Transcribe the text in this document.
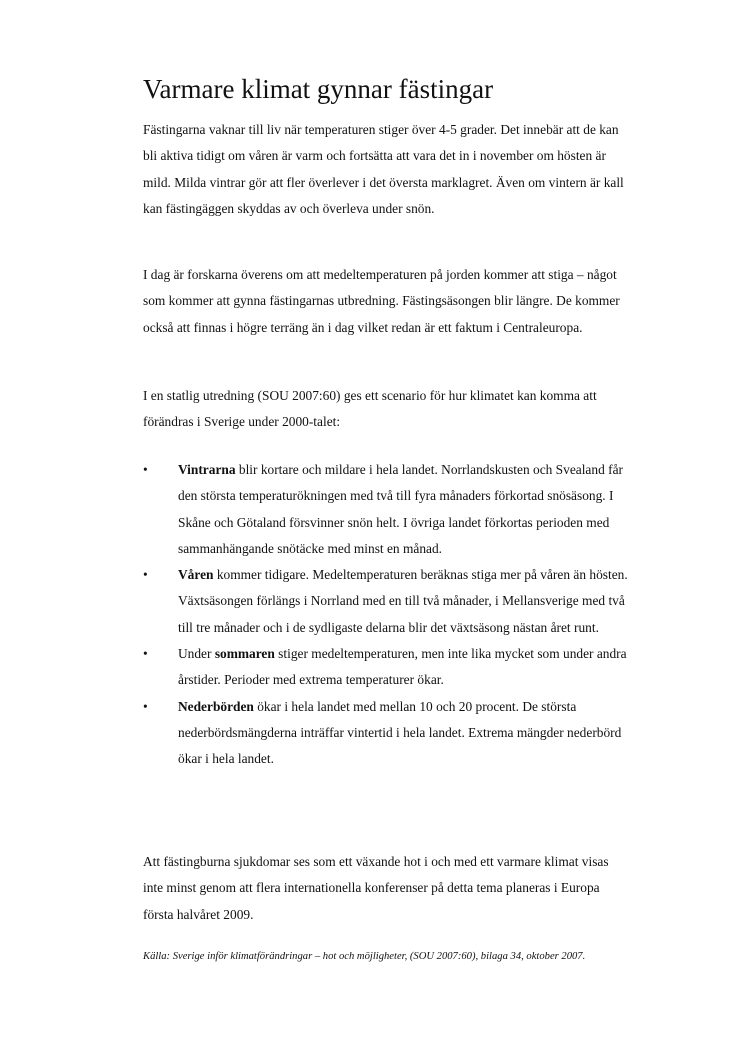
Varmare klimat gynnar fästingar

Fästingarna vaknar till liv när temperaturen stiger över 4-5 grader. Det innebär att de kan bli aktiva tidigt om våren är varm och fortsätta att vara det in i november om hösten är mild. Milda vintrar gör att fler överlever i det översta marklagret. Även om vintern är kall kan fästingäggen skyddas av och överleva under snön.

I dag är forskarna överens om att medeltemperaturen på jorden kommer att stiga – något som kommer att gynna fästingarnas utbredning. Fästingsäsongen blir längre. De kommer också att finnas i högre terräng än i dag vilket redan är ett faktum i Centraleuropa.

I en statlig utredning (SOU 2007:60) ges ett scenario för hur klimatet kan komma att förändras i Sverige under 2000-talet:

• Vintrarna blir kortare och mildare i hela landet. Norrlandskusten och Svealand får den största temperaturökningen med två till fyra månaders förkortad snösäsong. I Skåne och Götaland försvinner snön helt. I övriga landet förkortas perioden med sammanhängande snötäcke med minst en månad.
• Våren kommer tidigare. Medeltemperaturen beräknas stiga mer på våren än hösten. Växtsäsongen förlängs i Norrland med en till två månader, i Mellansverige med två till tre månader och i de sydligaste delarna blir det växtsäsong nästan året runt.
• Under sommaren stiger medeltemperaturen, men inte lika mycket som under andra årstider. Perioder med extrema temperaturer ökar.
• Nederbörden ökar i hela landet med mellan 10 och 20 procent. De största nederbördsmängderna inträffar vintertid i hela landet. Extrema mängder nederbörd ökar i hela landet.

Att fästingburna sjukdomar ses som ett växande hot i och med ett varmare klimat visas inte minst genom att flera internationella konferenser på detta tema planeras i Europa första halvåret 2009.

Källa: Sverige inför klimatförändringar – hot och möjligheter, (SOU 2007:60), bilaga 34, oktober 2007.
